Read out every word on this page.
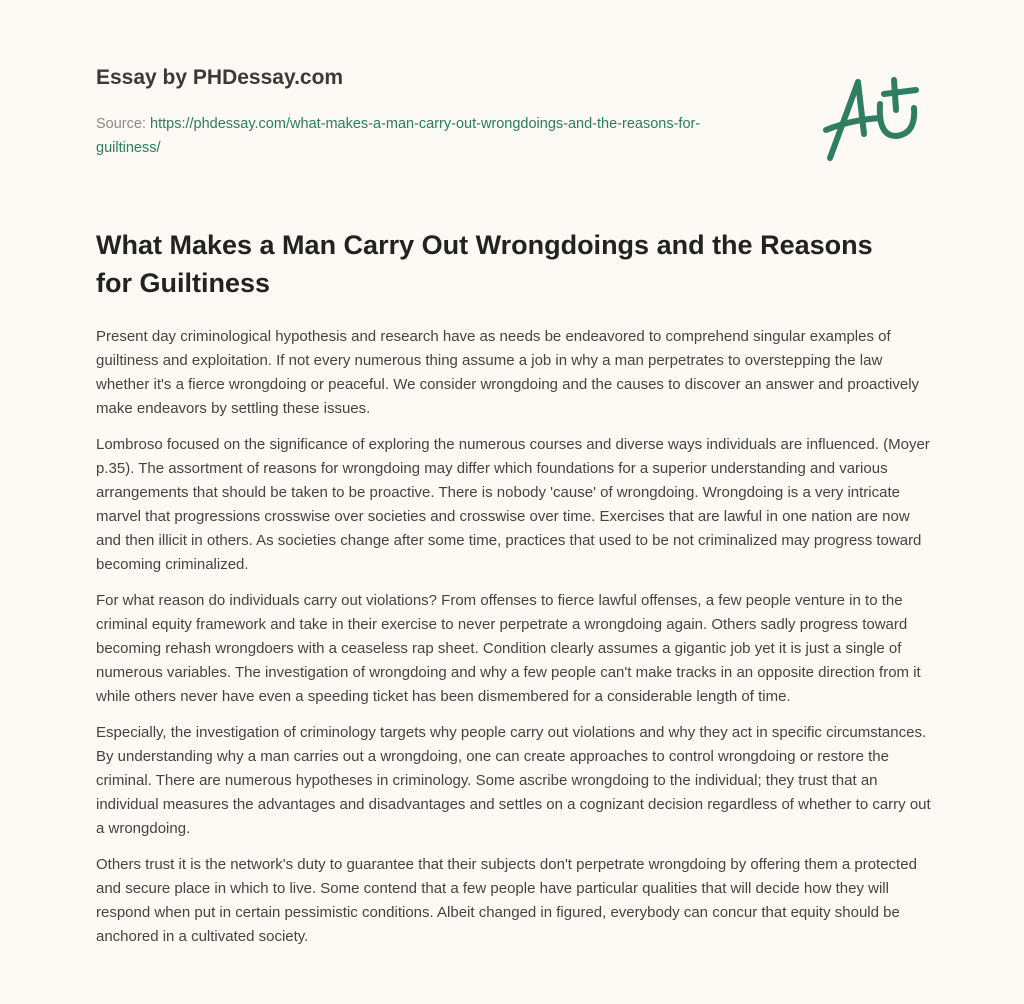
Essay by PHDessay.com
Source: https://phdessay.com/what-makes-a-man-carry-out-wrongdoings-and-the-reasons-for-guiltiness/
What Makes a Man Carry Out Wrongdoings and the Reasons for Guiltiness

Present day criminological hypothesis and research have as needs be endeavored to comprehend singular examples of guiltiness and exploitation. If not every numerous thing assume a job in why a man perpetrates to overstepping the law whether it's a fierce wrongdoing or peaceful. We consider wrongdoing and the causes to discover an answer and proactively make endeavors by settling these issues.

Lombroso focused on the significance of exploring the numerous courses and diverse ways individuals are influenced. (Moyer p.35). The assortment of reasons for wrongdoing may differ which foundations for a superior understanding and various arrangements that should be taken to be proactive. There is nobody 'cause' of wrongdoing. Wrongdoing is a very intricate marvel that progressions crosswise over societies and crosswise over time. Exercises that are lawful in one nation are now and then illicit in others. As societies change after some time, practices that used to be not criminalized may progress toward becoming criminalized.

For what reason do individuals carry out violations? From offenses to fierce lawful offenses, a few people venture in to the criminal equity framework and take in their exercise to never perpetrate a wrongdoing again. Others sadly progress toward becoming rehash wrongdoers with a ceaseless rap sheet. Condition clearly assumes a gigantic job yet it is just a single of numerous variables. The investigation of wrongdoing and why a few people can't make tracks in an opposite direction from it while others never have even a speeding ticket has been dismembered for a considerable length of time.

Especially, the investigation of criminology targets why people carry out violations and why they act in specific circumstances. By understanding why a man carries out a wrongdoing, one can create approaches to control wrongdoing or restore the criminal. There are numerous hypotheses in criminology. Some ascribe wrongdoing to the individual; they trust that an individual measures the advantages and disadvantages and settles on a cognizant decision regardless of whether to carry out a wrongdoing.

Others trust it is the network's duty to guarantee that their subjects don't perpetrate wrongdoing by offering them a protected and secure place in which to live. Some contend that a few people have particular qualities that will decide how they will respond when put in certain pessimistic conditions. Albeit changed in figured, everybody can concur that equity should be anchored in a cultivated society.
